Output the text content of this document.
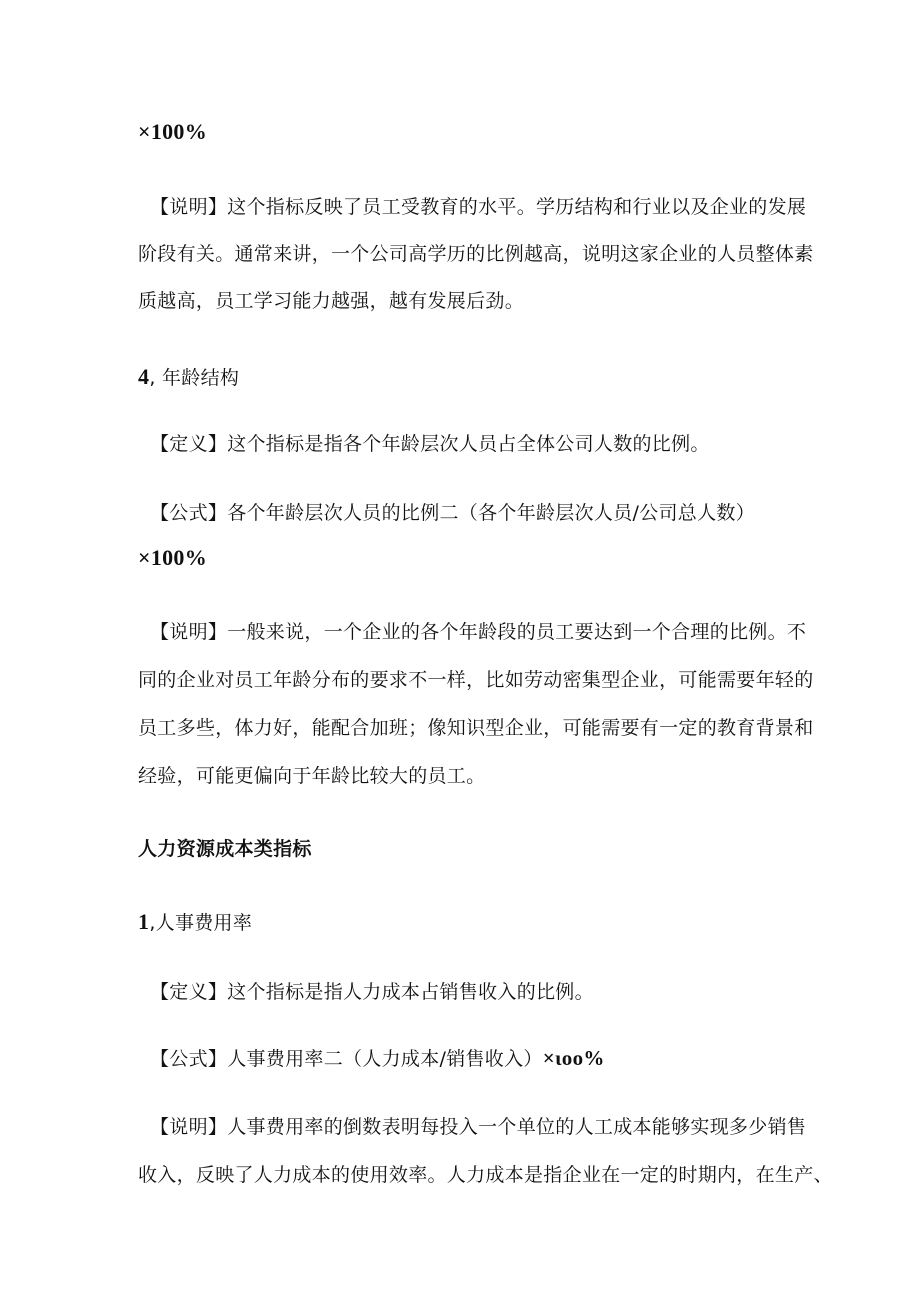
×100%
【说明】这个指标反映了员工受教育的水平。学历结构和行业以及企业的发展
阶段有关。通常来讲，一个公司高学历的比例越高，说明这家企业的人员整体素
质越高，员工学习能力越强，越有发展后劲。
4, 年龄结构
【定义】这个指标是指各个年龄层次人员占全体公司人数的比例。
【公式】各个年龄层次人员的比例二（各个年龄层次人员/公司总人数）
×100%
【说明】一般来说，一个企业的各个年龄段的员工要达到一个合理的比例。不
同的企业对员工年龄分布的要求不一样，比如劳动密集型企业，可能需要年轻的
员工多些，体力好，能配合加班；像知识型企业，可能需要有一定的教育背景和
经验，可能更偏向于年龄比较大的员工。
人力资源成本类指标
1,人事费用率
【定义】这个指标是指人力成本占销售收入的比例。
【公式】人事费用率二（人力成本/销售收入）×ιoo%
【说明】人事费用率的倒数表明每投入一个单位的人工成本能够实现多少销售
收入，反映了人力成本的使用效率。人力成本是指企业在一定的时期内，在生产、
